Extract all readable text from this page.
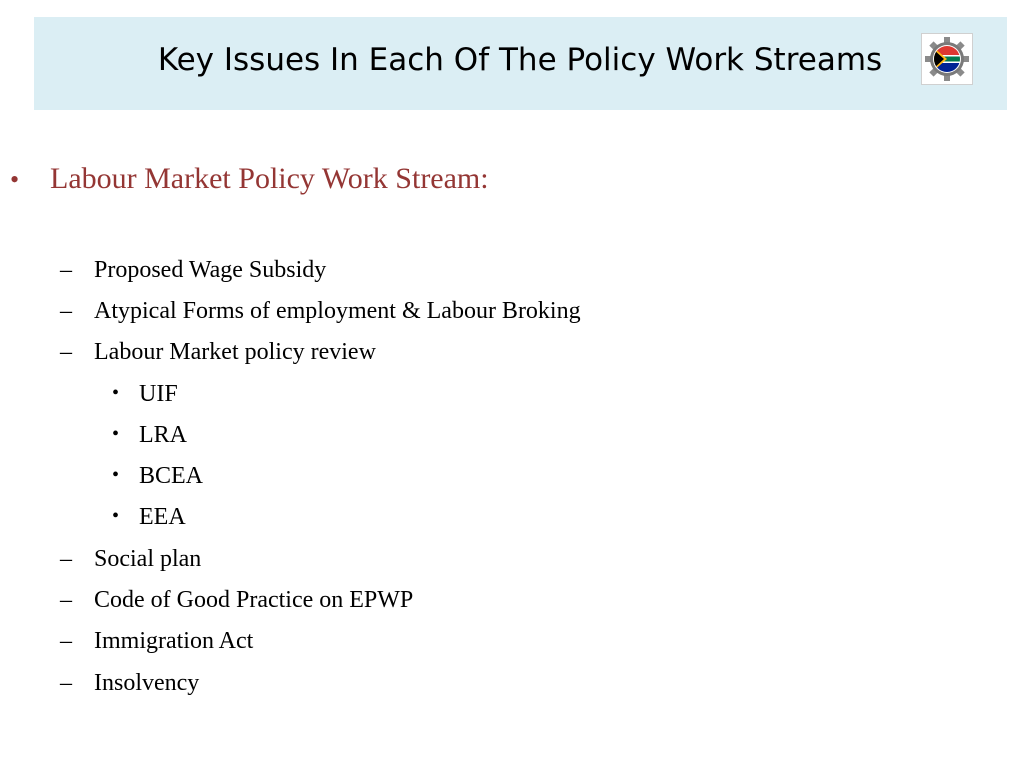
Key Issues In Each Of The Policy Work Streams
• Labour Market Policy Work Stream:
– Proposed Wage Subsidy
– Atypical Forms of employment & Labour Broking
– Labour Market policy review
• UIF
• LRA
• BCEA
• EEA
– Social plan
– Code of Good Practice on EPWP
– Immigration Act
– Insolvency
